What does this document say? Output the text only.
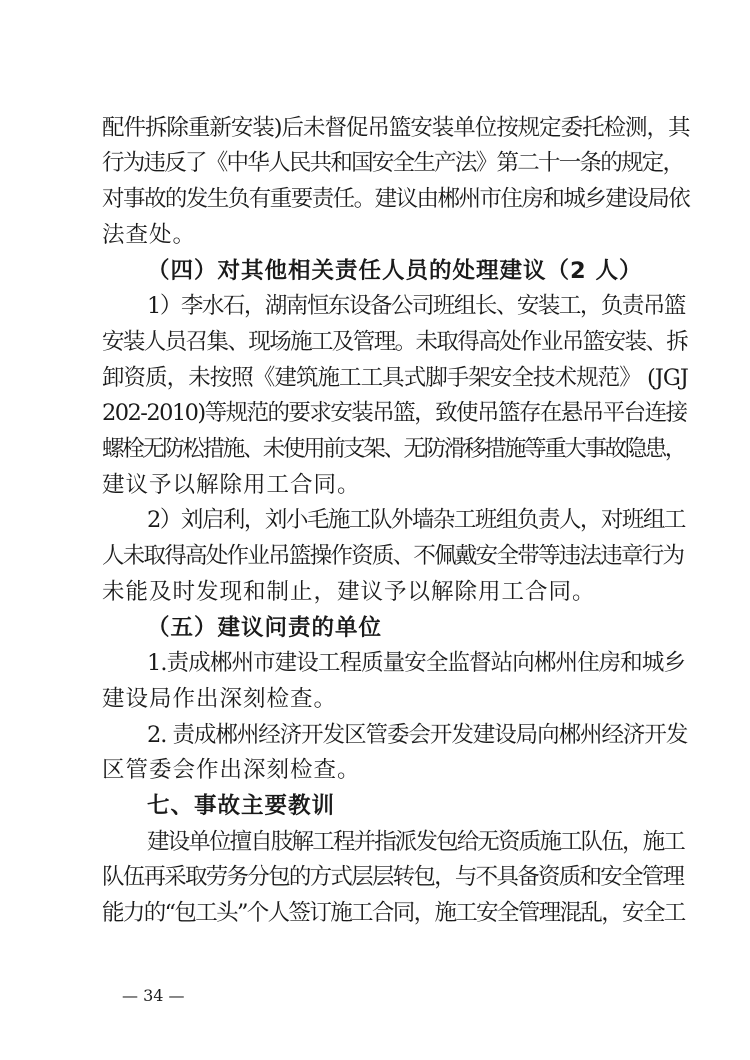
配件拆除重新安装)后未督促吊篮安装单位按规定委托检测，其
行为违反了《中华人民共和国安全生产法》第二十一条的规定，
对事故的发生负有重要责任。建议由郴州市住房和城乡建设局依
法查处。
（四）对其他相关责任人员的处理建议（2 人）
1）李水石，湖南恒东设备公司班组长、安装工，负责吊篮
安装人员召集、现场施工及管理。未取得高处作业吊篮安装、拆
卸资质，未按照《建筑施工工具式脚手架安全技术规范》 (JGJ
202-2010)等规范的要求安装吊篮，致使吊篮存在悬吊平台连接
螺栓无防松措施、未使用前支架、无防滑移措施等重大事故隐患，
建议予以解除用工合同。
2）刘启利，刘小毛施工队外墙杂工班组负责人，对班组工
人未取得高处作业吊篮操作资质、不佩戴安全带等违法违章行为
未能及时发现和制止，建议予以解除用工合同。
（五）建议问责的单位
1.责成郴州市建设工程质量安全监督站向郴州住房和城乡
建设局作出深刻检查。
2. 责成郴州经济开发区管委会开发建设局向郴州经济开发
区管委会作出深刻检查。
七、事故主要教训
建设单位擅自肢解工程并指派发包给无资质施工队伍，施工
队伍再采取劳务分包的方式层层转包，与不具备资质和安全管理
能力的“包工头”个人签订施工合同，施工安全管理混乱，安全工
— 34 —
